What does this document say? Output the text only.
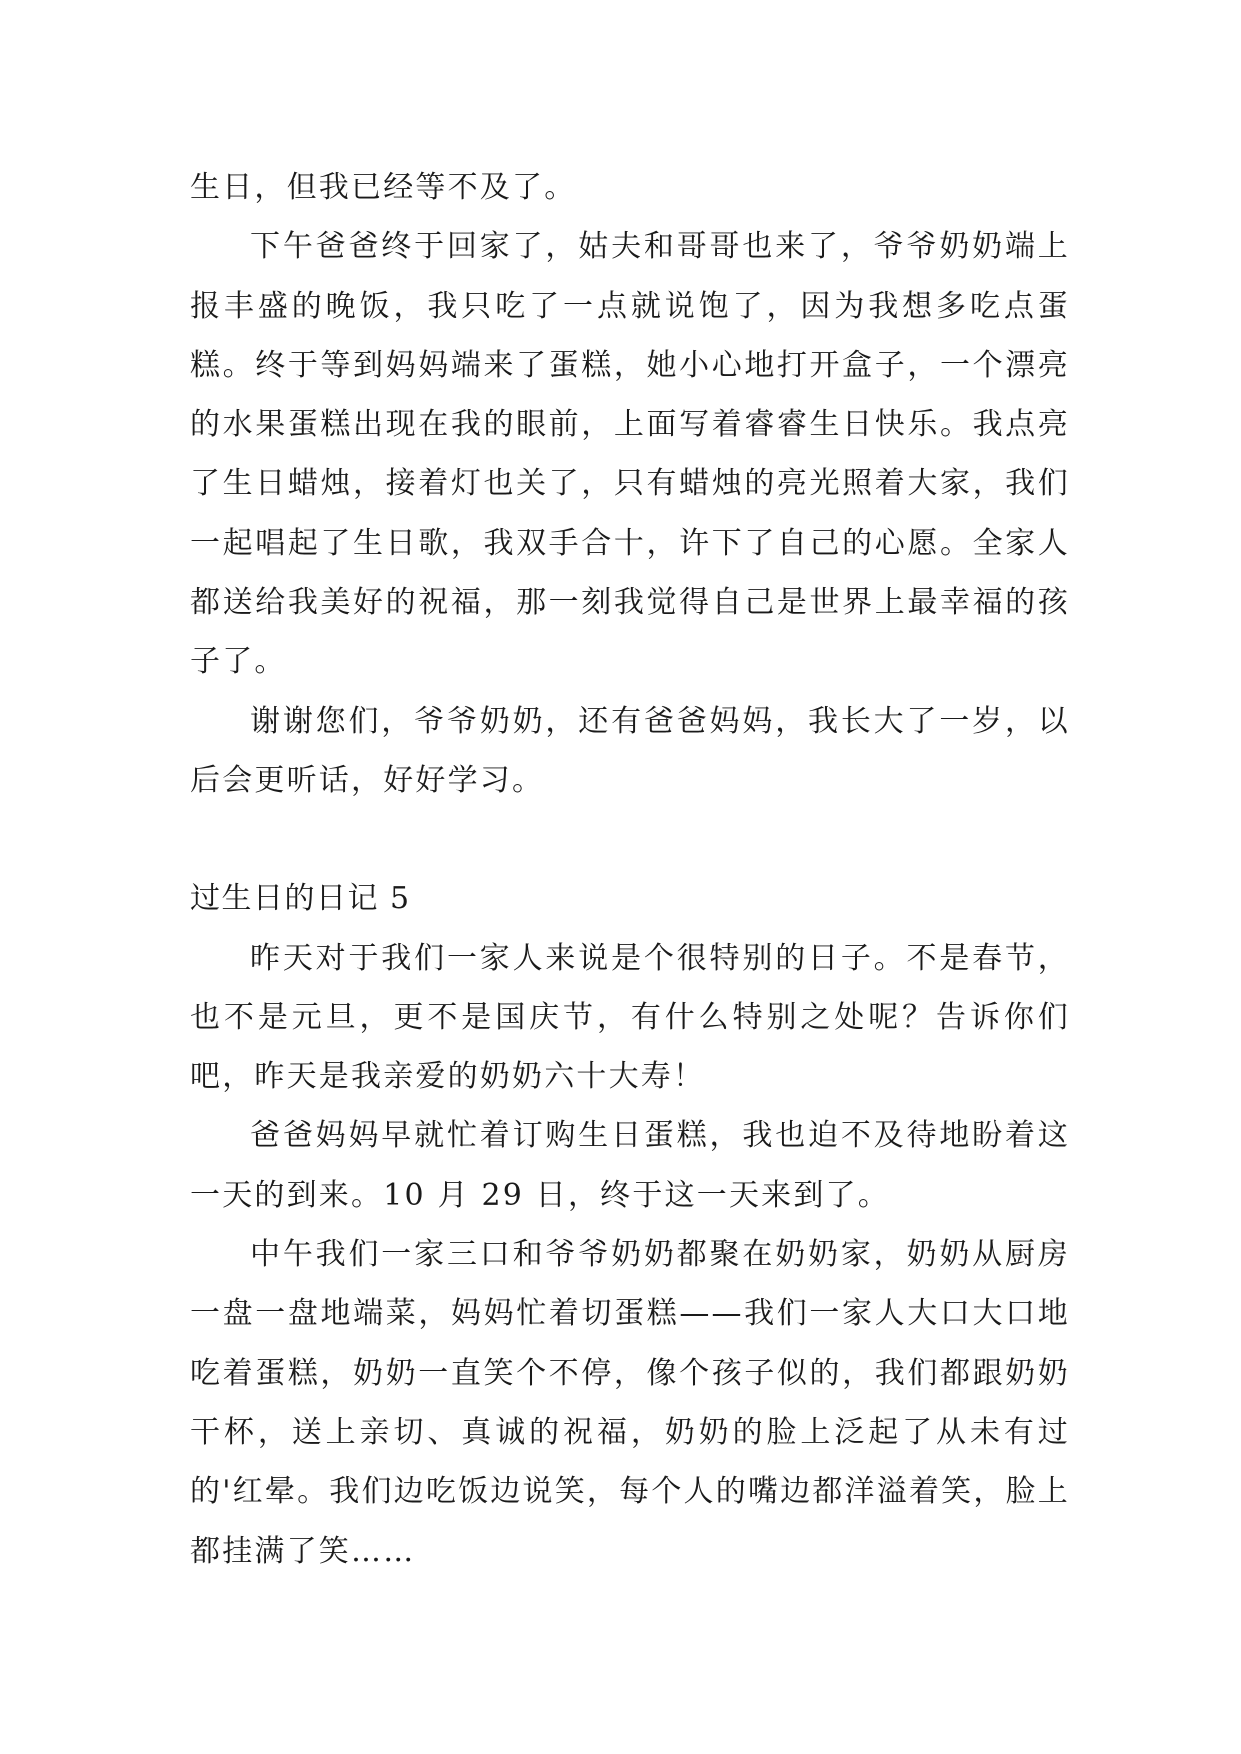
生日，但我已经等不及了。

下午爸爸终于回家了，姑夫和哥哥也来了，爷爷奶奶端上报丰盛的晚饭，我只吃了一点就说饱了，因为我想多吃点蛋糕。终于等到妈妈端来了蛋糕，她小心地打开盒子，一个漂亮的水果蛋糕出现在我的眼前，上面写着睿睿生日快乐。我点亮了生日蜡烛，接着灯也关了，只有蜡烛的亮光照着大家，我们一起唱起了生日歌，我双手合十，许下了自己的心愿。全家人都送给我美好的祝福，那一刻我觉得自己是世界上最幸福的孩子了。

谢谢您们，爷爷奶奶，还有爸爸妈妈，我长大了一岁，以后会更听话，好好学习。

过生日的日记 5

昨天对于我们一家人来说是个很特别的日子。不是春节，也不是元旦，更不是国庆节，有什么特别之处呢？告诉你们吧，昨天是我亲爱的奶奶六十大寿！

爸爸妈妈早就忙着订购生日蛋糕，我也迫不及待地盼着这一天的到来。10 月 29 日，终于这一天来到了。

中午我们一家三口和爷爷奶奶都聚在奶奶家，奶奶从厨房一盘一盘地端菜，妈妈忙着切蛋糕——我们一家人大口大口地吃着蛋糕，奶奶一直笑个不停，像个孩子似的，我们都跟奶奶干杯，送上亲切、真诚的祝福，奶奶的脸上泛起了从未有过的'红晕。我们边吃饭边说笑，每个人的嘴边都洋溢着笑，脸上都挂满了笑……
